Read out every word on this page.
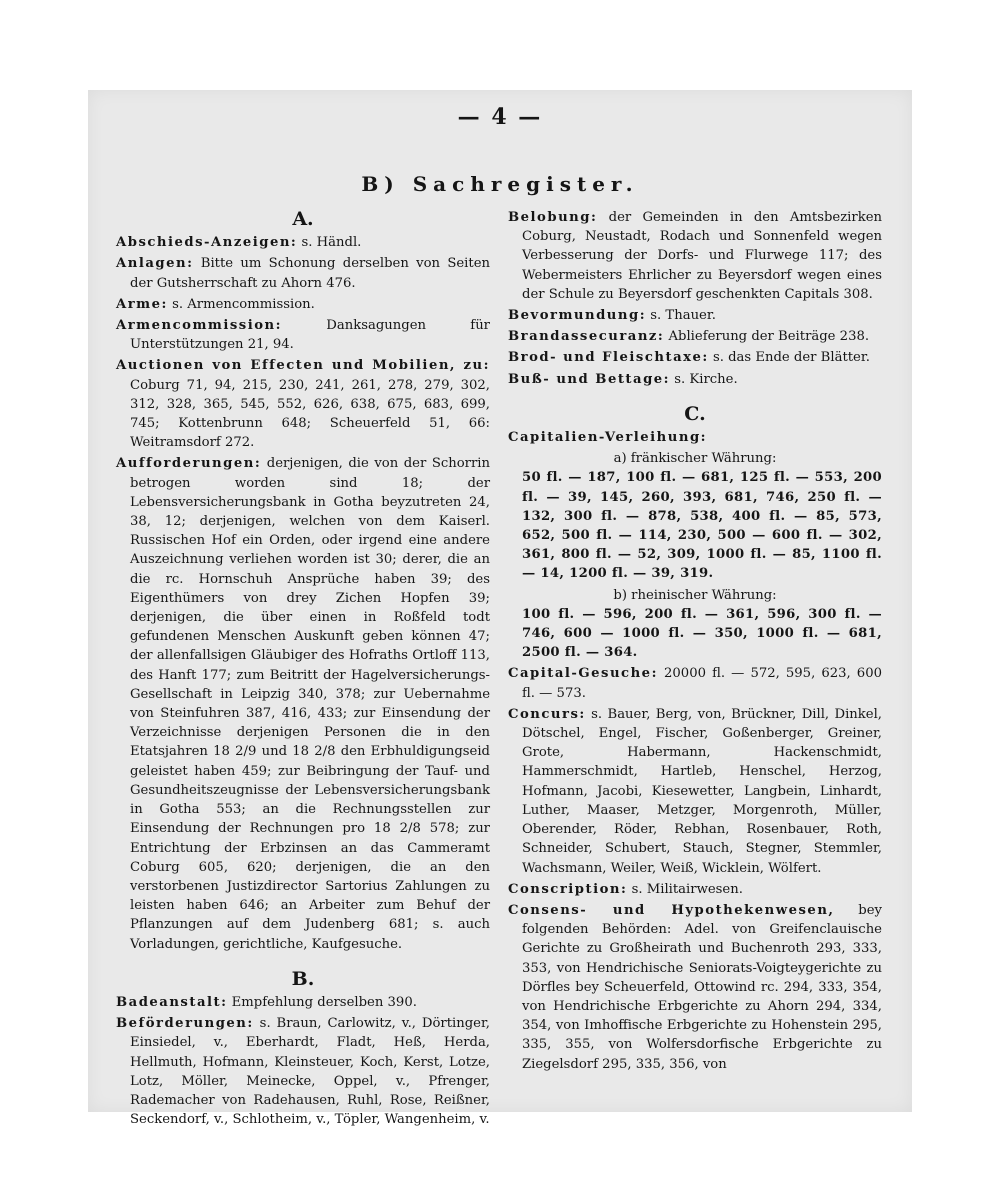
— 4 —
B) Sachregister.
A.
Abschieds-Anzeigen: s. Händl.
Anlagen: Bitte um Schonung derselben von Seiten der Gutsherrschaft zu Ahorn 476.
Arme: s. Armencommission.
Armencommission:	Danksagungen für Unterstützungen 21, 94.
Auctionen von Effecten und Mobilien, zu: Coburg 71, 94, 215, 230, 241, 261, 278, 279, 302, 312, 328, 365, 545, 552, 626, 638, 675, 683, 699, 745; Kottenbrunn 648; Scheuerfeld 51, 66: Weitramsdorf 272.
Aufforderungen: derjenigen, die von der Schorrin betrogen worden sind 18; der Lebensversicherungsbank in Gotha beyzutreten 24, 38, 12; derjenigen, welchen von dem Kaiserl. Russischen Hof ein Orden, oder irgend eine andere Auszeichnung verliehen worden ist 30; derer, die an die rc. Hornschuh Ansprüche haben 39; des Eigenthümers von drey Zichen Hopfen 39; derjenigen, die über einen in Roßfeld todt gefundenen Menschen Auskunft geben können 47; der allenfallsigen Gläubiger des Hofraths Ortloff 113, des Hanft 177; zum Beitritt der Hagelversicherungs-Gesellschaft in Leipzig 340, 378; zur Uebernahme von Steinfuhren 387, 416, 433; zur Einsendung der Verzeichnisse derjenigen Personen die in den Etatsjahren 18 2/9 und 18 2/8 den Erbhuldigungseid geleistet haben 459; zur Beibringung der Tauf- und Gesundheitszeugnisse der Lebensversicherungsbank in Gotha 553; an die Rechnungsstellen zur Einsendung der Rechnungen pro 18 2/8 578; zur Entrichtung der Erbzinsen an das Cammeramt Coburg 605, 620; derjenigen, die an den verstorbenen Justizdirector Sartorius Zahlungen zu leisten haben 646; an Arbeiter zum Behuf der Pflanzungen auf dem Judenberg 681; s. auch Vorladungen, gerichtliche, Kaufgesuche.
B.
Badeanstalt: Empfehlung derselben 390.
Beförderungen: s. Braun, Carlowitz, v., Dörtinger, Einsiedel, v., Eberhardt, Fladt, Heß, Herda, Hellmuth, Hofmann, Kleinsteuer, Koch, Kerst, Lotze, Lotz, Möller, Meinecke, Oppel, v., Pfrenger, Rademacher von Radehausen, Ruhl, Rose, Reißner, Seckendorf, v., Schlotheim, v., Töpler, Wangenheim, v.
Belobung: der Gemeinden in den Amtsbezirken Coburg, Neustadt, Rodach und Sonnenfeld wegen Verbesserung der Dorfs- und Flurwege 117; des Webermeisters Ehrlicher zu Beyersdorf wegen eines der Schule zu Beyersdorf geschenkten Capitals 308.
Bevormundung: s. Thauer.
Brandassecuranz: Ablieferung der Beiträge 238.
Brod- und Fleischtaxe: s. das Ende der Blätter.
Buß- und Bettage: s. Kirche.
C.
Capitalien-Verleihung:
a) fränkischer Währung:
50 fl. — 187, 100 fl. — 681, 125 fl. — 553, 200 fl. — 39, 145, 260, 393, 681, 746, 250 fl. — 132, 300 fl. — 878, 538, 400 fl. — 85, 573, 652, 500 fl. — 114, 230, 500 — 600 fl. — 302, 361, 800 fl. — 52, 309, 1000 fl. — 85, 1100 fl. — 14, 1200 fl. — 39, 319.
b) rheinischer Währung:
100 fl. — 596, 200 fl. — 361, 596, 300 fl. — 746, 600 — 1000 fl. — 350, 1000 fl. — 681, 2500 fl. — 364.
Capital-Gesuche: 20000 fl. — 572, 595, 623, 600 fl. — 573.
Concurs: s. Bauer, Berg, von, Brückner, Dill, Dinkel, Dötschel, Engel, Fischer, Goßenberger, Greiner, Grote, Habermann, Hackenschmidt, Hammerschmidt, Hartleb, Henschel, Herzog, Hofmann, Jacobi, Kiesewetter, Langbein, Linhardt, Luther, Maaser, Metzger, Morgenroth, Müller, Oberender, Röder, Rebhan, Rosenbauer, Roth, Schneider, Schubert, Stauch, Stegner, Stemmler, Wachsmann, Weiler, Weiß, Wicklein, Wölfert.
Conscription: s. Militairwesen.
Consens- und Hypothekenwesen, bey folgenden Behörden: Adel. von Greifenclauische Gerichte zu Großheirath und Buchenroth 293, 333, 353, von Hendrichische Seniorats-Voigteygerichte zu Dörfles bey Scheuerfeld, Ottowind rc. 294, 333, 354, von Hendrichische Erbgerichte zu Ahorn 294, 334, 354, von Imhoffische Erbgerichte zu Hohenstein 295, 335, 355, von Wolfersdorfische Erbgerichte zu Ziegelsdorf 295, 335, 356, von
